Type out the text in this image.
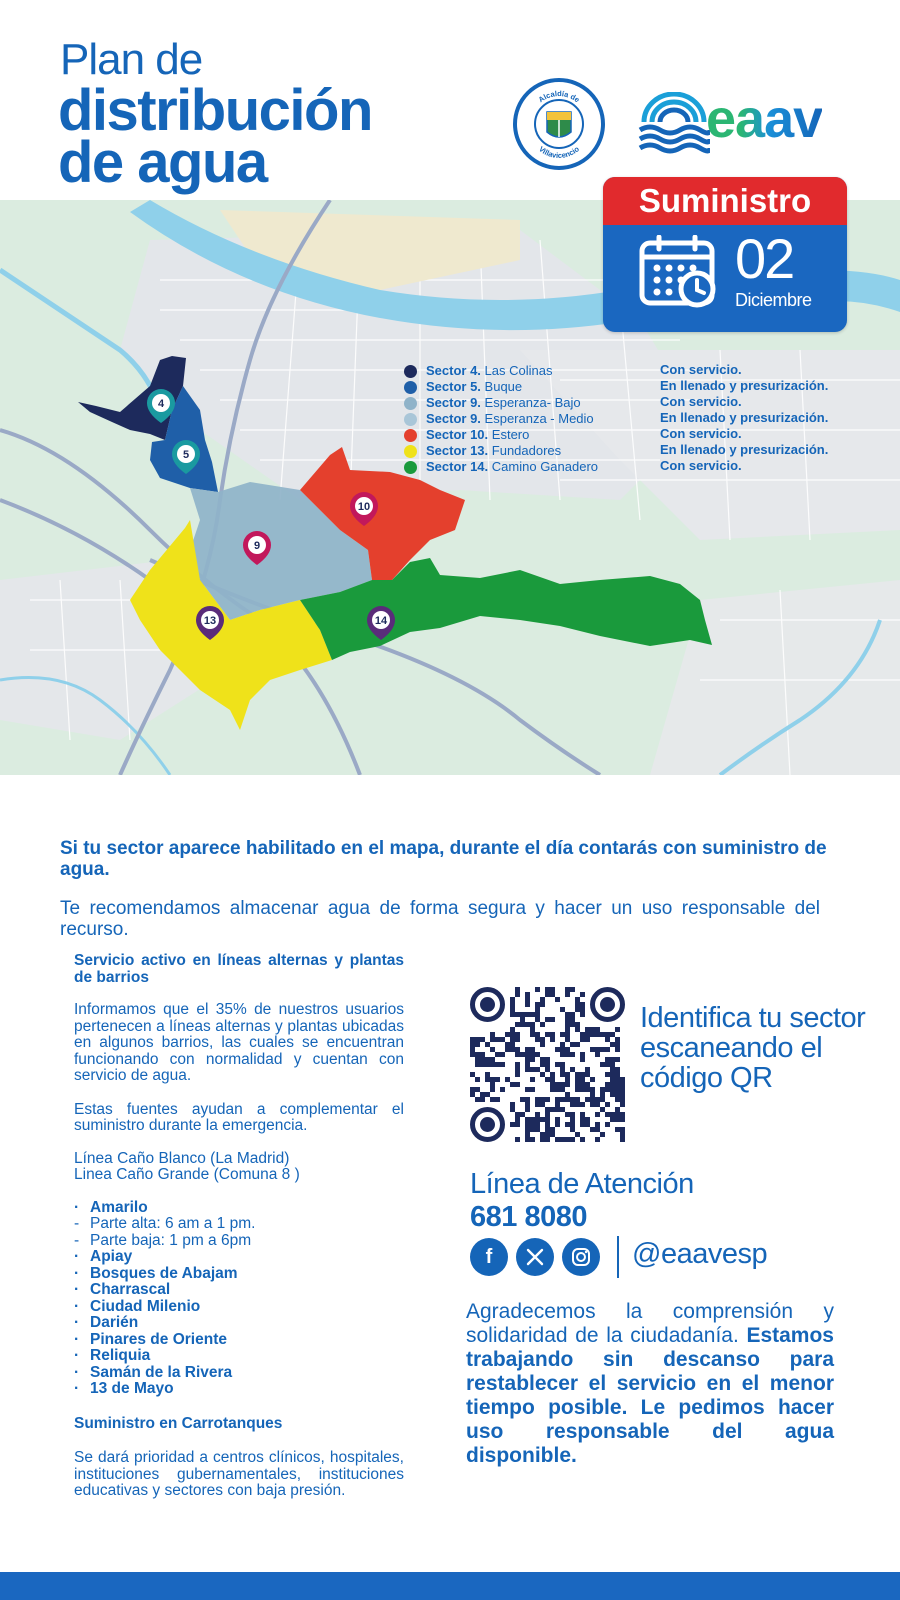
Plan de
distribución
de agua
Alcaldía de
Villavicencio
eaav
4
5
9
10
13	14
Sector 4. Las Colinas
Sector 5. Buque
Sector 9. Esperanza- Bajo
Sector 9. Esperanza - Medio
Sector 10. Estero
Sector 13. Fundadores
Sector 14. Camino Ganadero
Con servicio.
En llenado y presurización.
Con servicio.
En llenado y presurización.
Con servicio.
En llenado y presurización.
Con servicio.
Suministro
02
Diciembre
Si tu sector aparece habilitado en el mapa, durante el día contarás con suministro de agua.
Te recomendamos almacenar agua de forma segura y hacer un uso responsable del recurso.

Servicio activo en líneas alternas y plantas de barrios

Informamos que el 35% de nuestros usuarios pertenecen a líneas alternas y plantas ubicadas en algunos barrios, las cuales se encuentran funcionando con normalidad y cuentan con servicio de agua.

Estas fuentes ayudan a complementar el suministro durante la emergencia.

Línea Caño Blanco (La Madrid)

Linea Caño Grande (Comuna 8 )

· Amarilo
- Parte alta: 6 am a 1 pm.
- Parte baja: 1 pm a 6pm
· Apiay
· Bosques de Abajam
· Charrascal
· Ciudad Milenio
· Darién
· Pinares de Oriente
· Reliquia
· Samán de la Rivera
· 13 de Mayo

Suministro en Carrotanques

Se dará prioridad a centros clínicos, hospitales, instituciones gubernamentales, instituciones educativas y sectores con baja presión.

Identifica tu sector escaneando el código QR
Línea de Atención
681 8080
f	@eaavesp
Agradecemos la comprensión y solidaridad de la ciudadanía. Estamos trabajando sin descanso para restablecer el servicio en el menor tiempo posible. Le pedimos hacer uso responsable del agua disponible.
